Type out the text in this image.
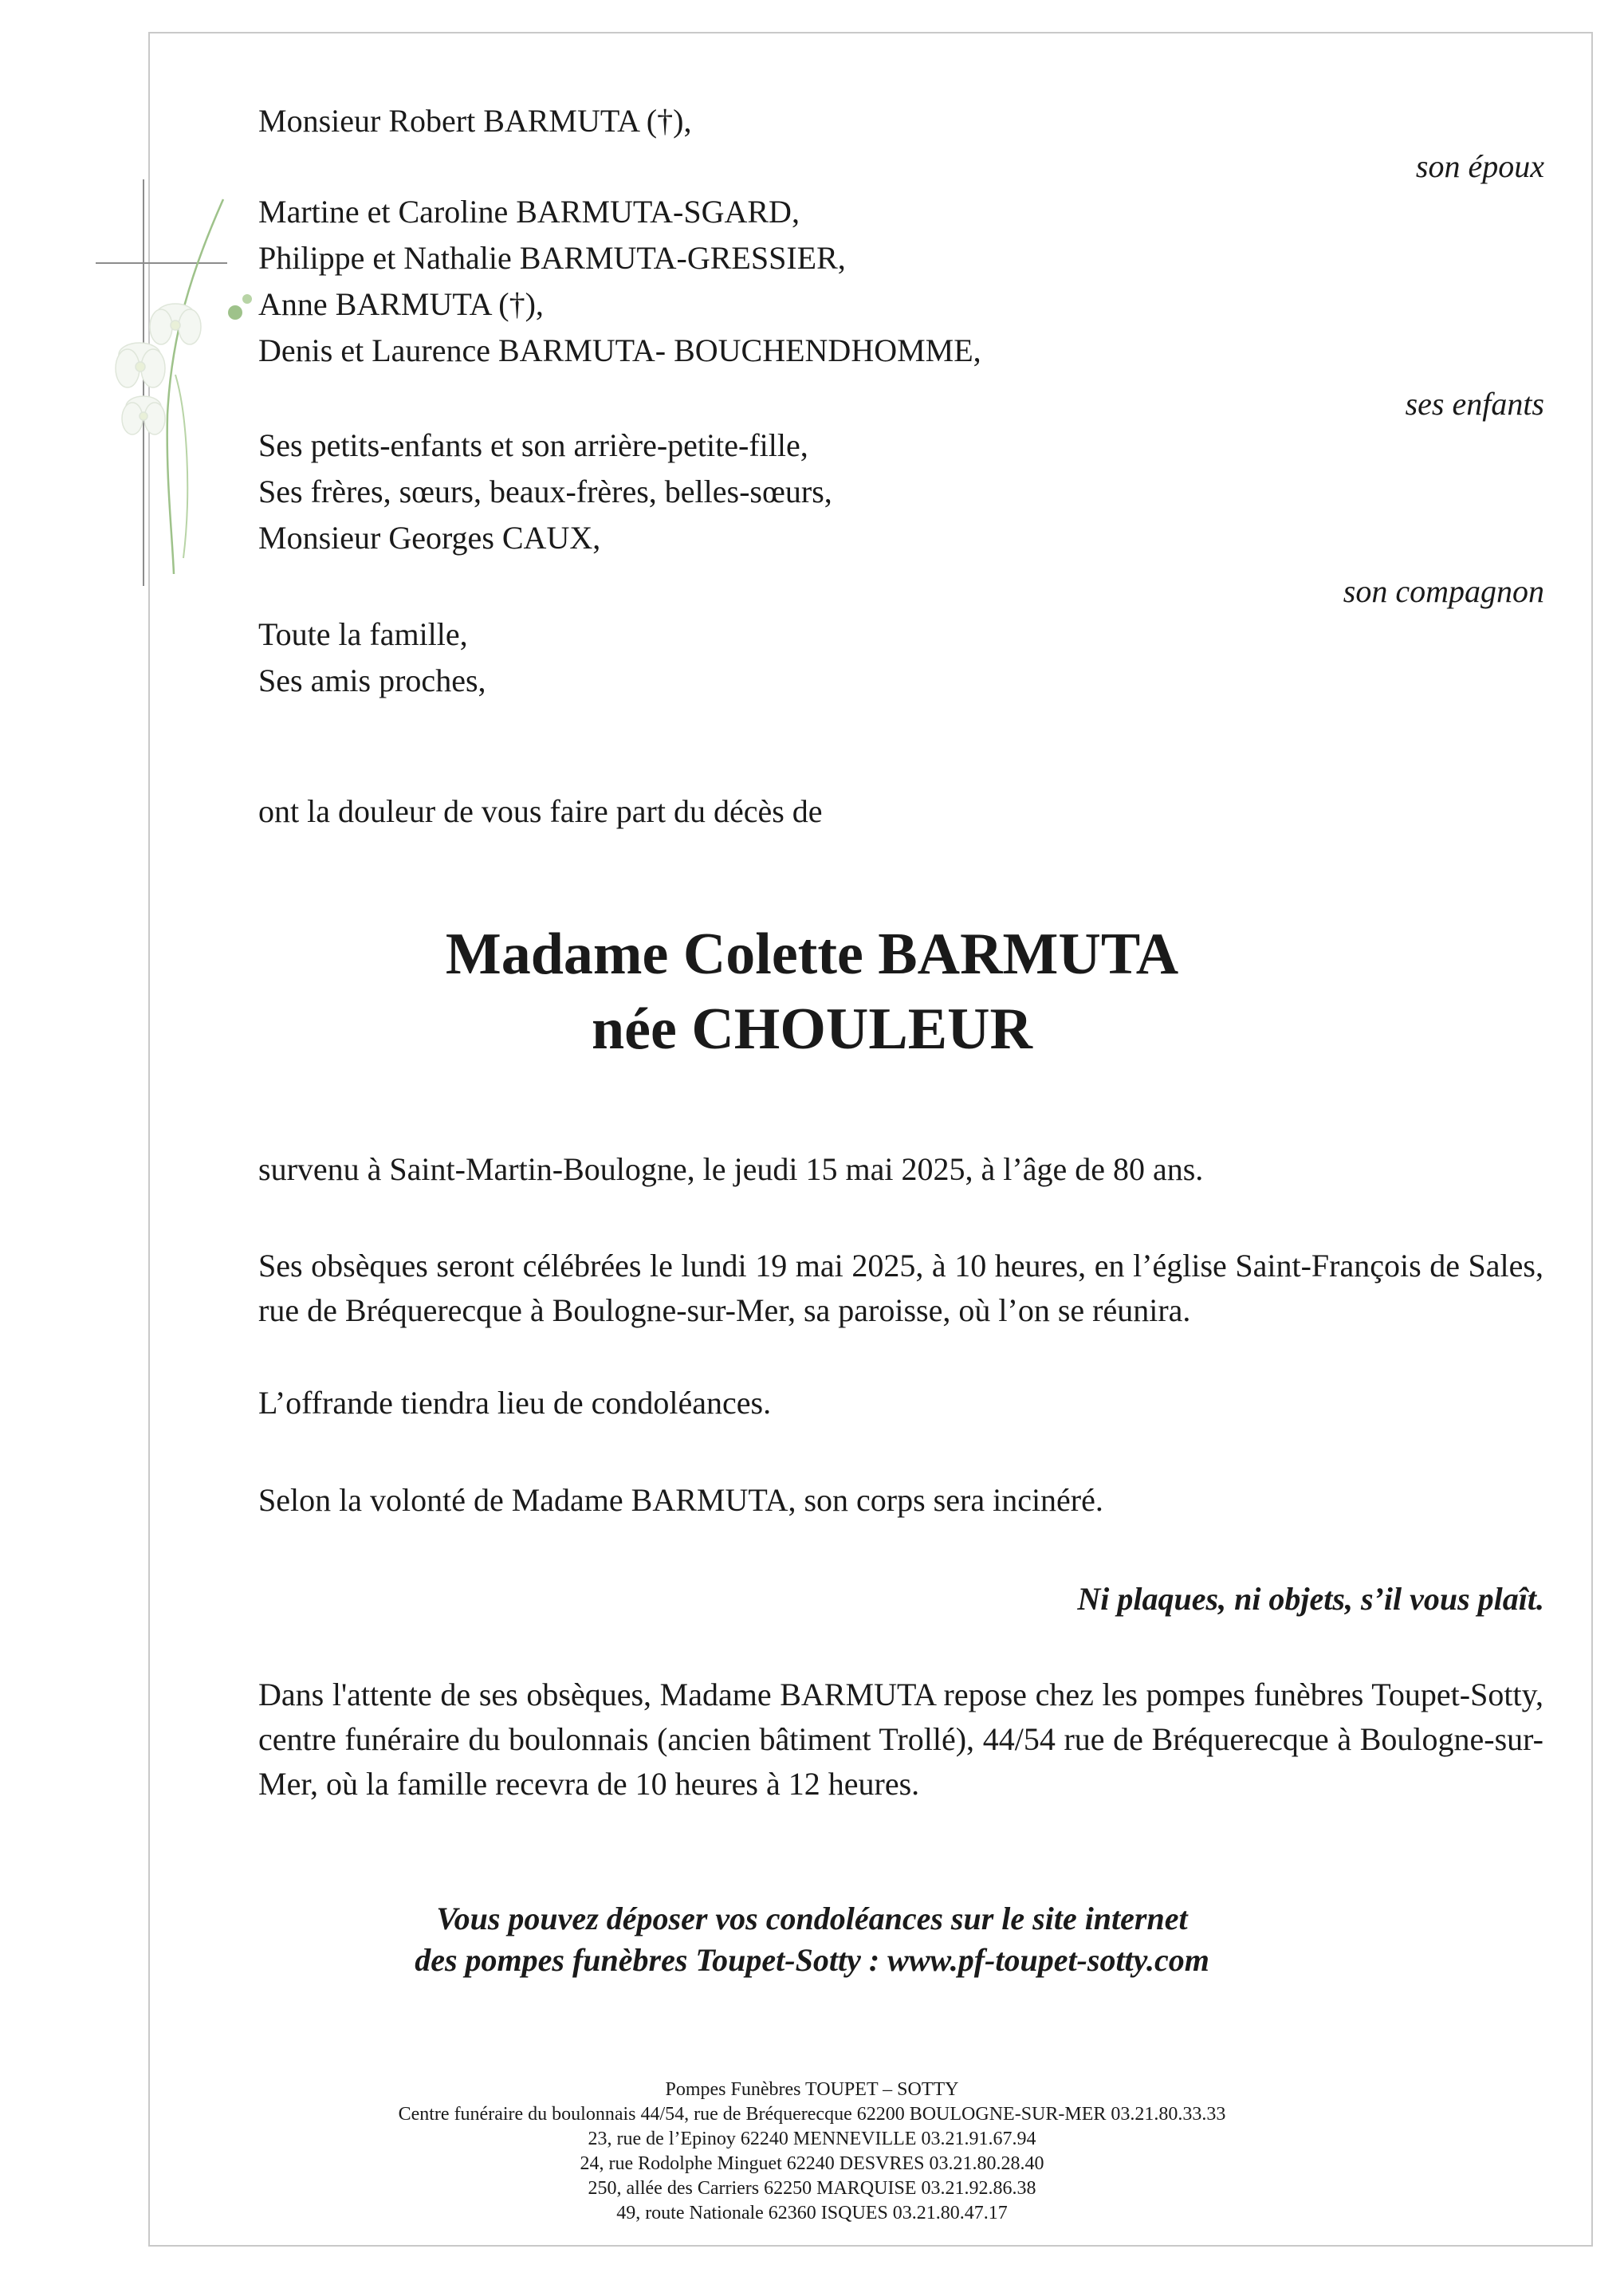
Monsieur Robert BARMUTA (†),
son époux
Martine et Caroline BARMUTA-SGARD,
Philippe et Nathalie BARMUTA-GRESSIER,
Anne BARMUTA (†),
Denis et Laurence BARMUTA- BOUCHENDHOMME,
ses enfants
Ses petits-enfants et son arrière-petite-fille,
Ses frères, sœurs, beaux-frères, belles-sœurs,
Monsieur Georges CAUX,
son compagnon
Toute la famille,
Ses amis proches,
ont la douleur de vous faire part du décès de
Madame Colette BARMUTA
née CHOULEUR
survenu à Saint-Martin-Boulogne, le jeudi 15 mai 2025, à l’âge de 80 ans.
Ses obsèques seront célébrées le lundi 19 mai 2025, à 10 heures, en l’église Saint-François de Sales, rue de Bréquerecque à Boulogne-sur-Mer, sa paroisse, où l’on se réunira.
L’offrande tiendra lieu de condoléances.
Selon la volonté de Madame BARMUTA, son corps sera incinéré.
Ni plaques, ni objets, s’il vous plaît.
Dans l'attente de ses obsèques, Madame BARMUTA repose chez les pompes funèbres Toupet-Sotty, centre funéraire du boulonnais (ancien bâtiment Trollé), 44/54 rue de Bréquerecque à Boulogne-sur-Mer, où la famille recevra de 10 heures à 12 heures.
Vous pouvez déposer vos condoléances sur le site internet
des pompes funèbres Toupet-Sotty : www.pf-toupet-sotty.com
Pompes Funèbres TOUPET – SOTTY
Centre funéraire du boulonnais 44/54, rue de Bréquerecque 62200 BOULOGNE-SUR-MER 03.21.80.33.33
23, rue de l’Epinoy 62240 MENNEVILLE 03.21.91.67.94
24, rue Rodolphe Minguet 62240 DESVRES 03.21.80.28.40
250, allée des Carriers 62250 MARQUISE 03.21.92.86.38
49, route Nationale 62360 ISQUES 03.21.80.47.17
